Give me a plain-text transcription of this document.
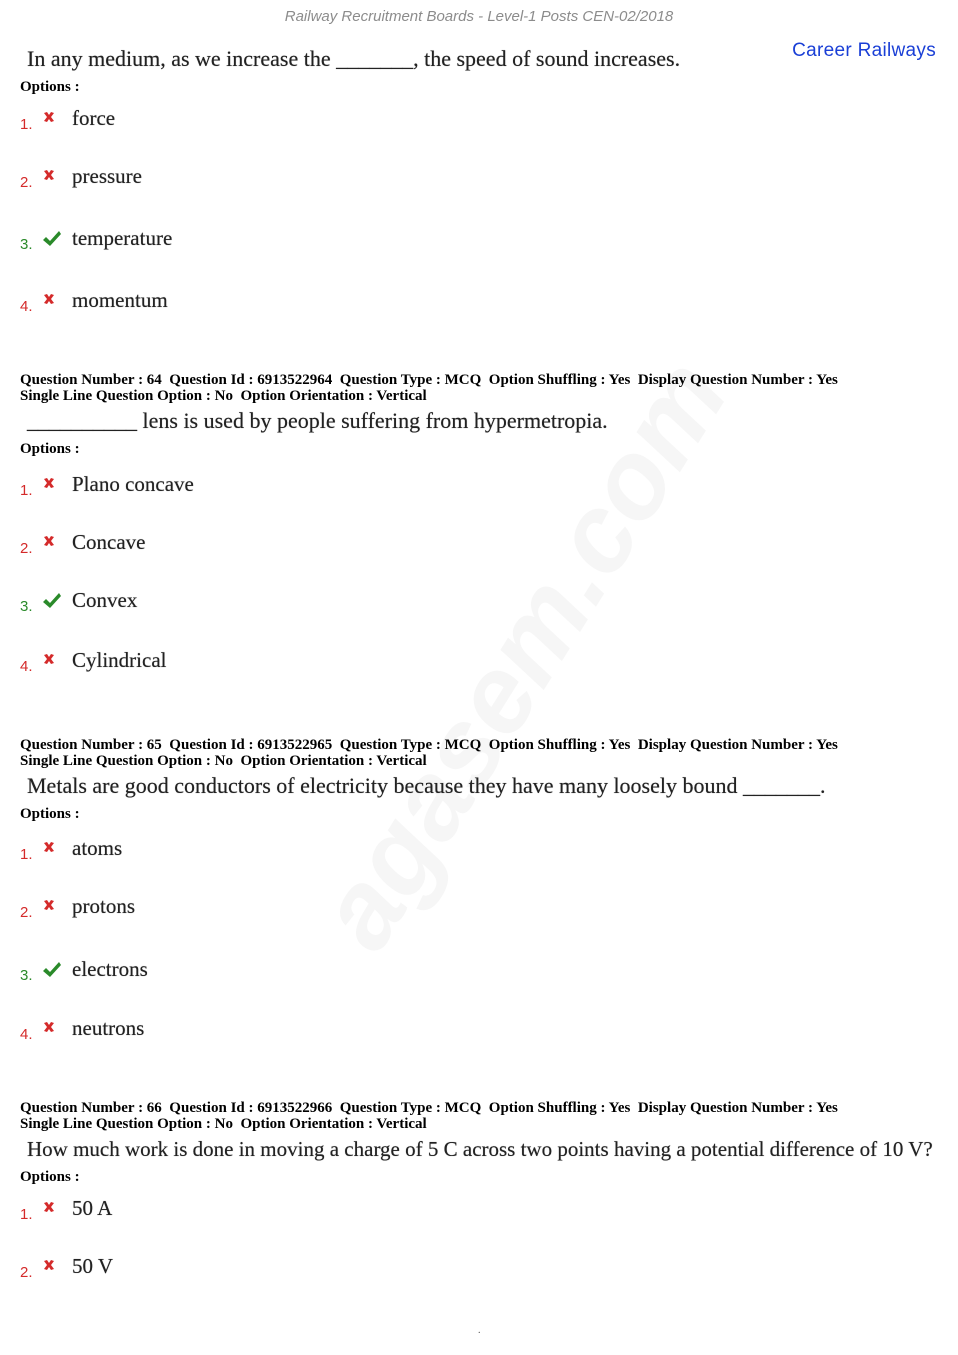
Railway Recruitment Boards - Level-1 Posts CEN-02/2018
Career Railways
In any medium, as we increase the _______, the speed of sound increases.
Options :
1. force
2. pressure
3. temperature
4. momentum
Question Number : 64  Question Id : 6913522964  Question Type : MCQ  Option Shuffling : Yes  Display Question Number : Yes
Single Line Question Option : No  Option Orientation : Vertical
__________ lens is used by people suffering from hypermetropia.
Options :
1. Plano concave
2. Concave
3. Convex
4. Cylindrical
Question Number : 65  Question Id : 6913522965  Question Type : MCQ  Option Shuffling : Yes  Display Question Number : Yes
Single Line Question Option : No  Option Orientation : Vertical
Metals are good conductors of electricity because they have many loosely bound _______.
Options :
1. atoms
2. protons
3. electrons
4. neutrons
Question Number : 66  Question Id : 6913522966  Question Type : MCQ  Option Shuffling : Yes  Display Question Number : Yes
Single Line Question Option : No  Option Orientation : Vertical
How much work is done in moving a charge of 5 C across two points having a potential difference of 10 V?
Options :
1. 50 A
2. 50 V
.
